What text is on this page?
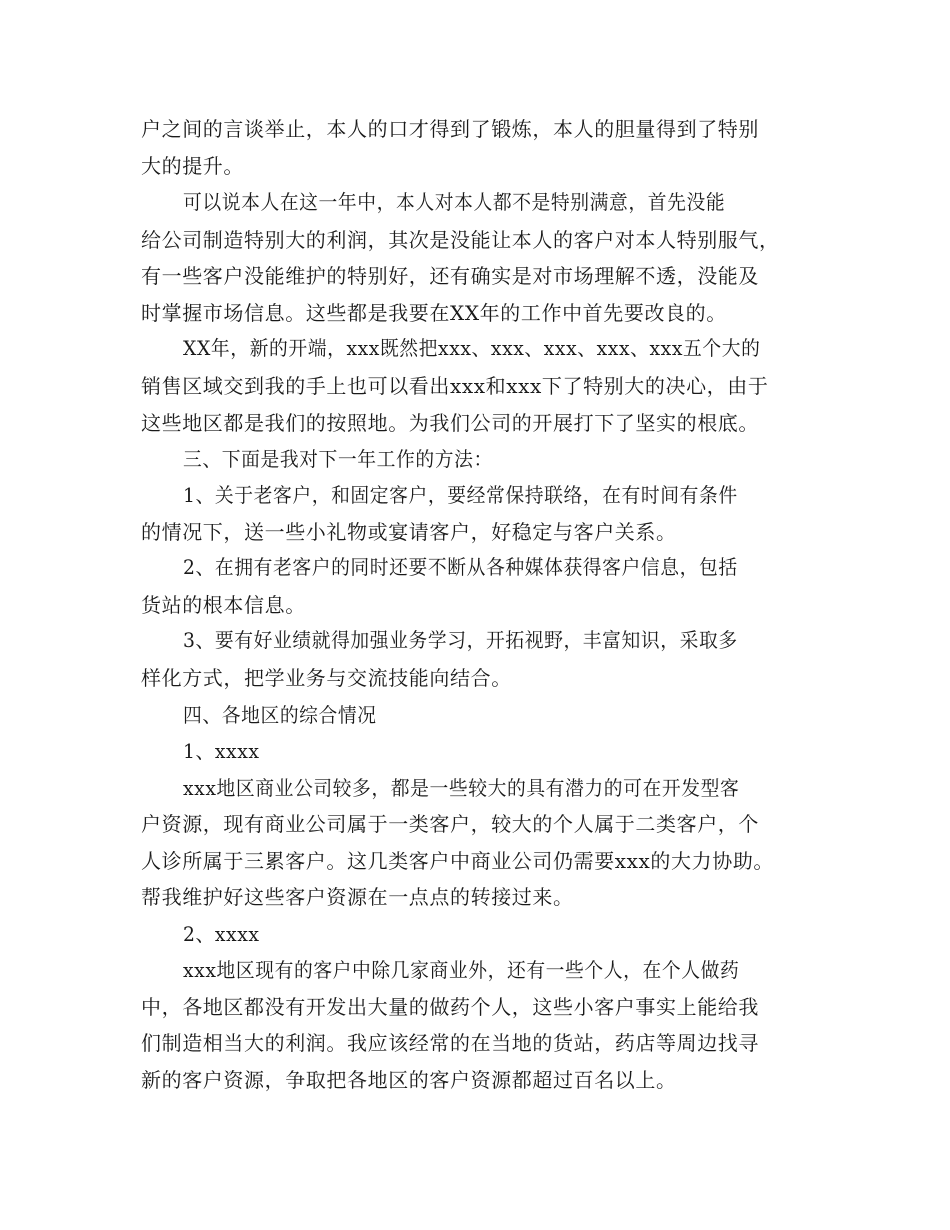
户之间的言谈举止，本人的口才得到了锻炼，本人的胆量得到了特别
大的提升。
可以说本人在这一年中，本人对本人都不是特别满意，首先没能
给公司制造特别大的利润，其次是没能让本人的客户对本人特别服气，
有一些客户没能维护的特别好，还有确实是对市场理解不透，没能及
时掌握市场信息。这些都是我要在XX年的工作中首先要改良的。
XX年，新的开端，xxx既然把xxx、xxx、xxx、xxx、xxx五个大的
销售区域交到我的手上也可以看出xxx和xxx下了特别大的决心，由于
这些地区都是我们的按照地。为我们公司的开展打下了坚实的根底。
三、下面是我对下一年工作的方法：
1、关于老客户，和固定客户，要经常保持联络，在有时间有条件
的情况下，送一些小礼物或宴请客户，好稳定与客户关系。
2、在拥有老客户的同时还要不断从各种媒体获得客户信息，包括
货站的根本信息。
3、要有好业绩就得加强业务学习，开拓视野，丰富知识，采取多
样化方式，把学业务与交流技能向结合。
四、各地区的综合情况
1、xxxx
xxx地区商业公司较多，都是一些较大的具有潜力的可在开发型客
户资源，现有商业公司属于一类客户，较大的个人属于二类客户，个
人诊所属于三累客户。这几类客户中商业公司仍需要xxx的大力协助。
帮我维护好这些客户资源在一点点的转接过来。
2、xxxx
xxx地区现有的客户中除几家商业外，还有一些个人，在个人做药
中，各地区都没有开发出大量的做药个人，这些小客户事实上能给我
们制造相当大的利润。我应该经常的在当地的货站，药店等周边找寻
新的客户资源，争取把各地区的客户资源都超过百名以上。
